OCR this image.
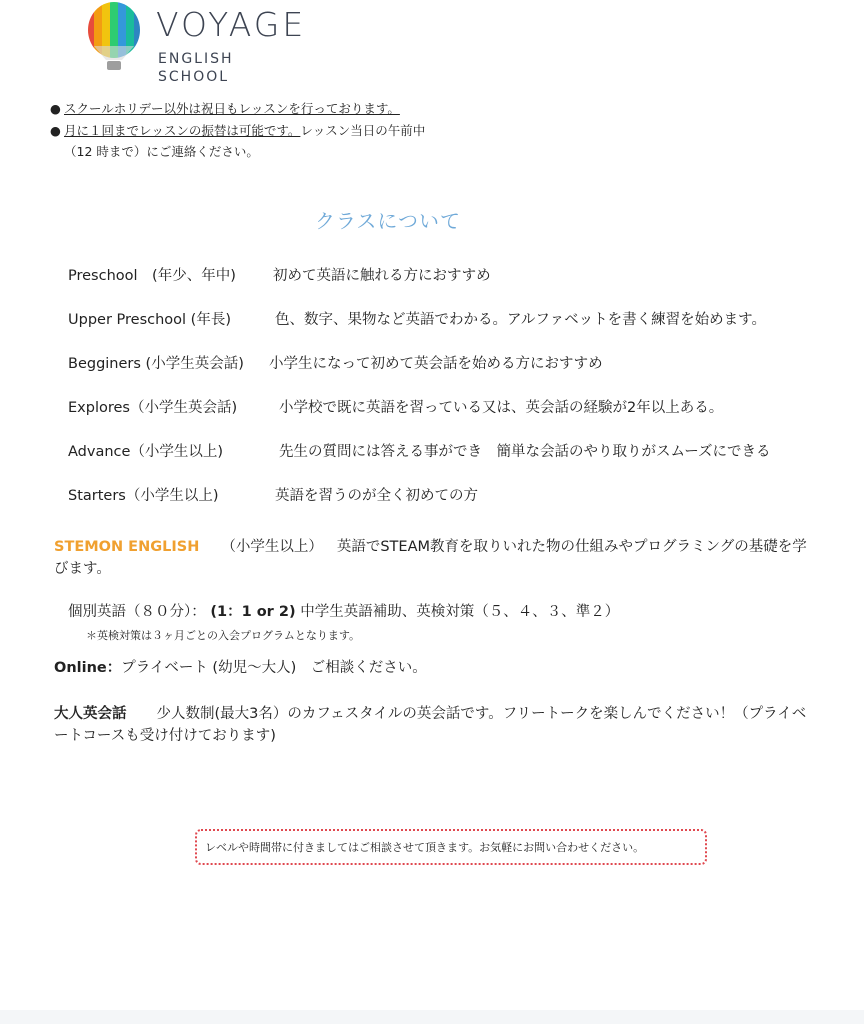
VOYAGE
ENGLISH SCHOOL
● スクールホリデー以外は祝日もレッスンを行っております。
● 月に１回までレッスンの振替は可能です。レッスン当日の午前中
（12 時まで）にご連絡ください。
クラスについて
Preschool　(年少、年中)	初めて英語に触れる方におすすめ
Upper Preschool (年長)	色、数字、果物など英語でわかる。アルファベットを書く練習を始めます。
Begginers (小学生英会話) 小学生になって初めて英会話を始める方におすすめ
Explores（小学生英会話)	小学校で既に英語を習っている又は、英会話の経験が2年以上ある。
Advance（小学生以上)	先生の質問には答える事ができ　簡単な会話のやり取りがスムーズにできる
Starters（小学生以上)	英語を習うのが全く初めての方
STEMON ENGLISH （小学生以上） 英語でSTEAM教育を取りいれた物の仕組みやプログラミングの基礎を学びます。
個別英語（８０分）： (1：1 or 2) 中学生英語補助、英検対策（５、４、３、準２）
＊英検対策は３ヶ月ごとの入会プログラムとなります。
Online：プライベート (幼児〜大人)　ご相談ください。
大人英会話 少人数制(最大3名）のカフェスタイルの英会話です。フリートークを楽しんでください！（プライベートコースも受け付けております)
レベルや時間帯に付きましてはご相談させて頂きます。お気軽にお問い合わせください。
